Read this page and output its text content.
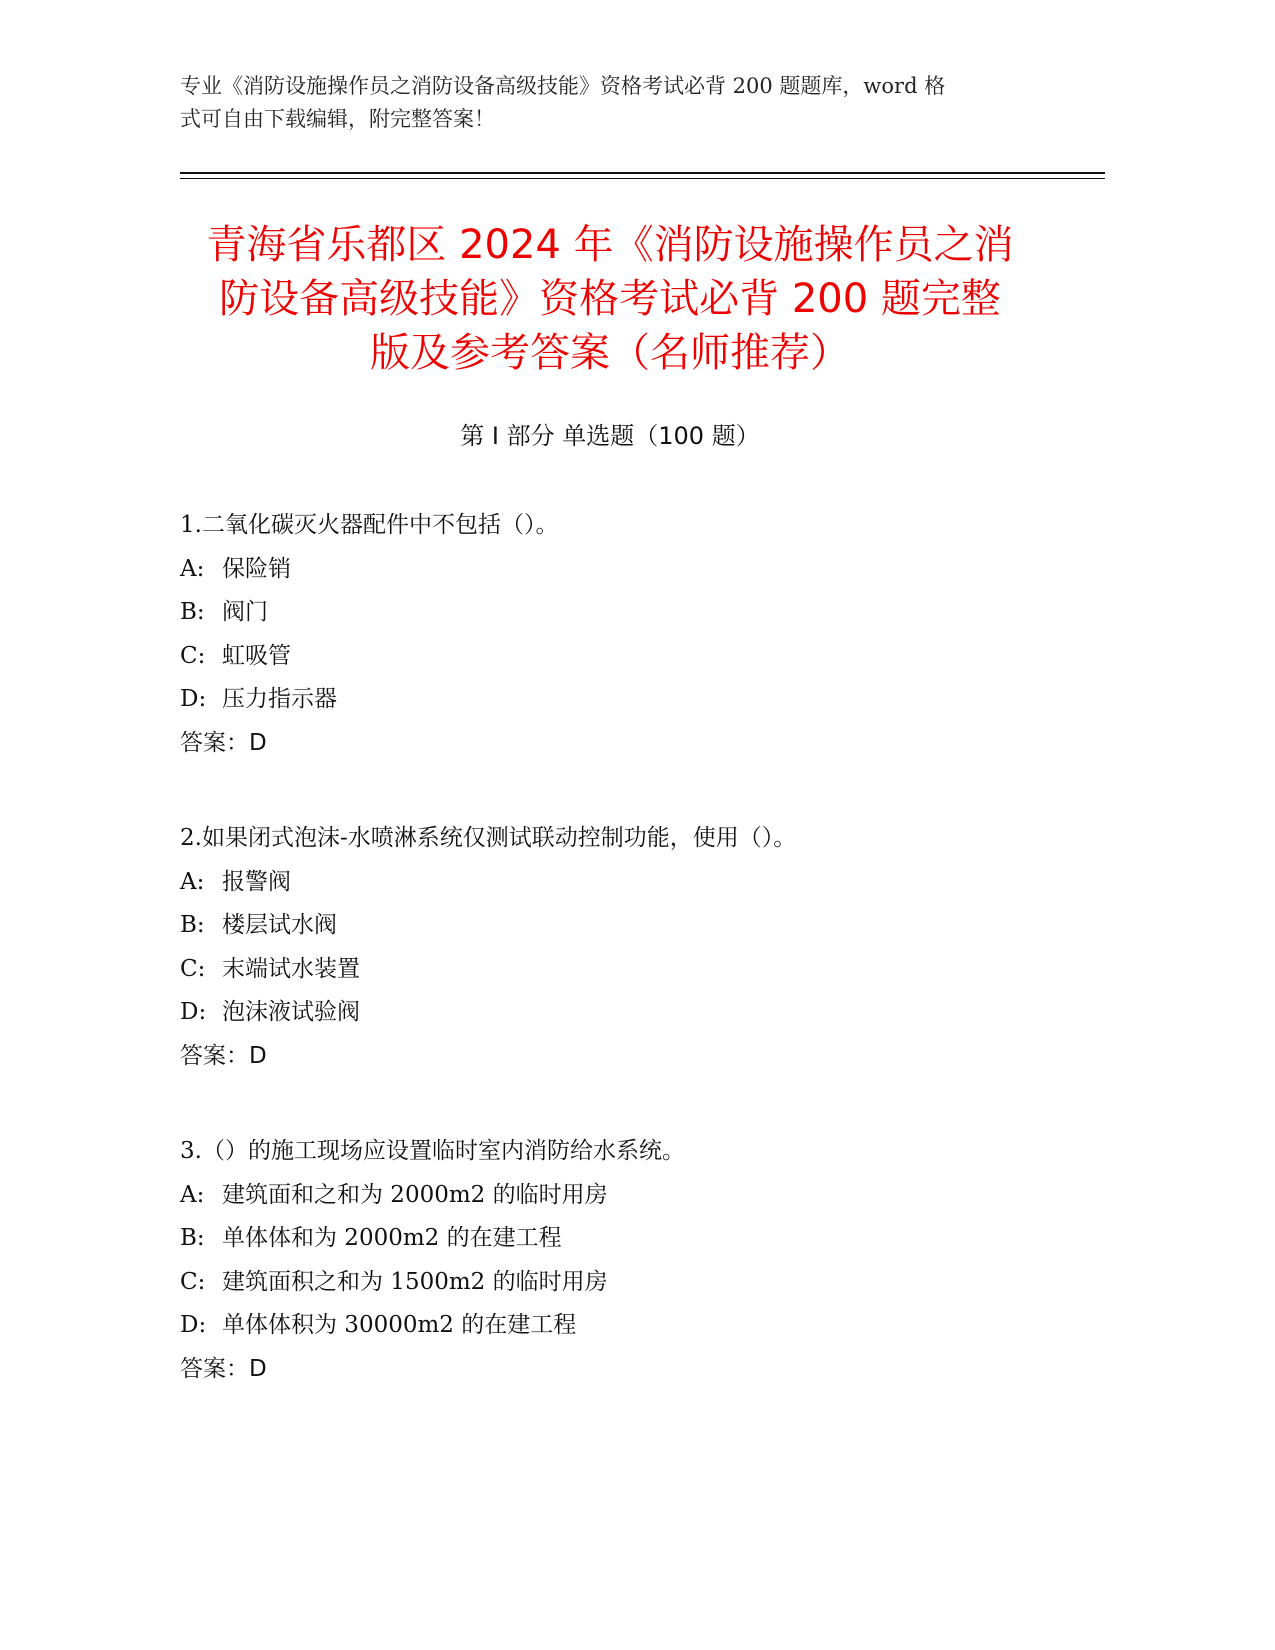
专业《消防设施操作员之消防设备高级技能》资格考试必背 200 题题库，word 格
式可自由下载编辑，附完整答案！
青海省乐都区 2024 年《消防设施操作员之消
防设备高级技能》资格考试必背 200 题完整
版及参考答案（名师推荐）
第 I 部分 单选题（100 题）
1.二氧化碳灭火器配件中不包括（）。
A: 保险销
B: 阀门
C: 虹吸管
D: 压力指示器
答案：D
2.如果闭式泡沫-水喷淋系统仅测试联动控制功能，使用（）。
A: 报警阀
B: 楼层试水阀
C: 末端试水装置
D: 泡沫液试验阀
答案：D
3.（）的施工现场应设置临时室内消防给水系统。
A: 建筑面和之和为 2000m2 的临时用房
B: 单体体和为 2000m2 的在建工程
C: 建筑面积之和为 1500m2 的临时用房
D: 单体体积为 30000m2 的在建工程
答案：D
